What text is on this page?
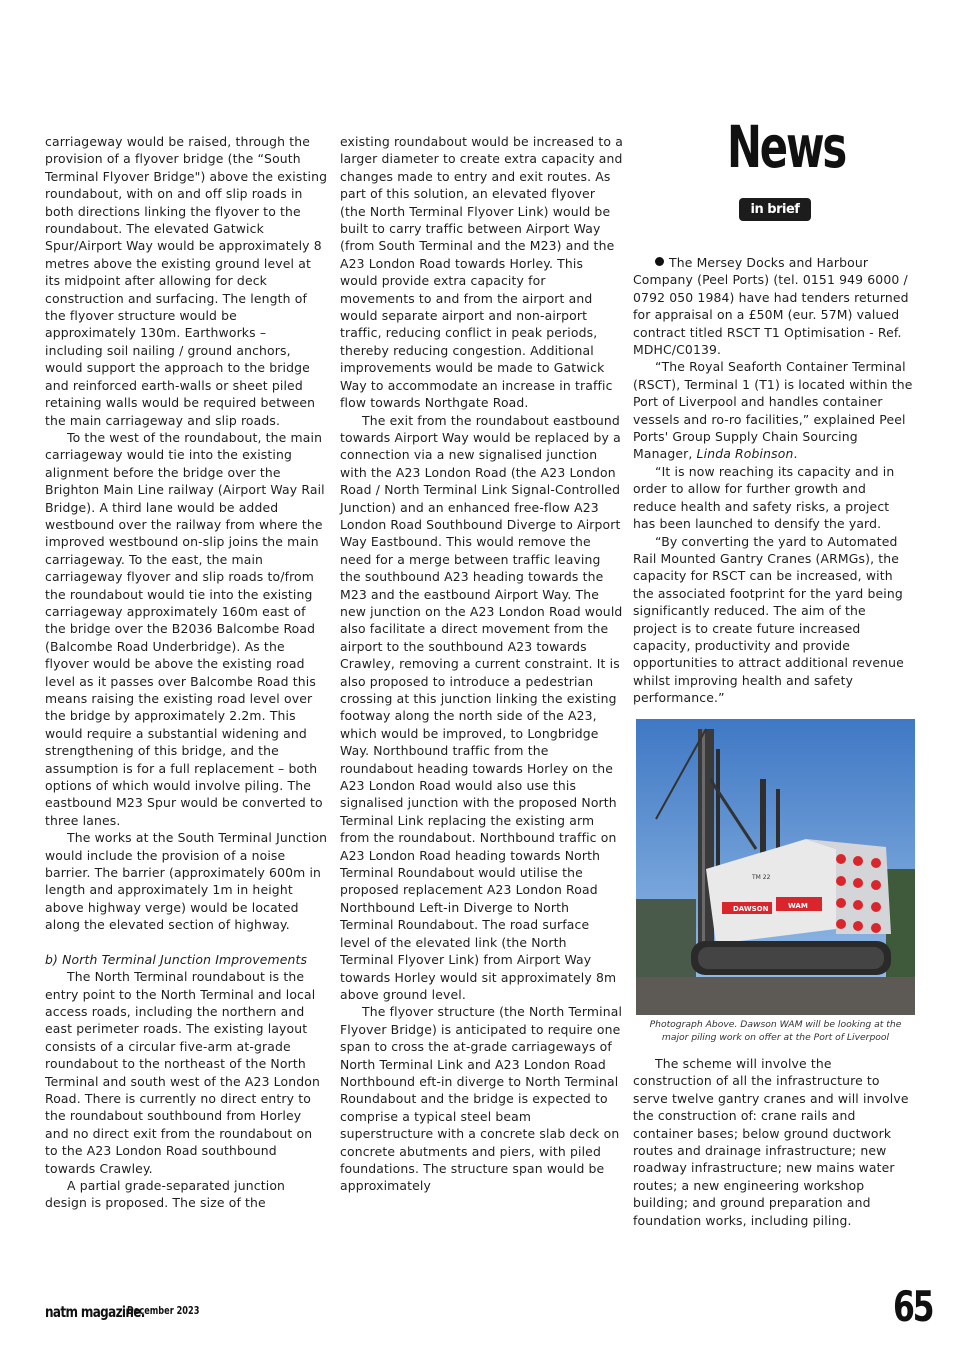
carriageway would be raised, through the provision of a flyover bridge (the “South Terminal Flyover Bridge") above the existing roundabout, with on and off slip roads in both directions linking the flyover to the roundabout. The elevated Gatwick Spur/Airport Way would be approximately 8 metres above the existing ground level at its midpoint after allowing for deck construction and surfacing. The length of the flyover structure would be approximately 130m. Earthworks – including soil nailing / ground anchors, would support the approach to the bridge and reinforced earth-walls or sheet piled retaining walls would be required between the main carriageway and slip roads.

To the west of the roundabout, the main carriageway would tie into the existing alignment before the bridge over the Brighton Main Line railway (Airport Way Rail Bridge). A third lane would be added westbound over the railway from where the improved westbound on-slip joins the main carriageway. To the east, the main carriageway flyover and slip roads to/from the roundabout would tie into the existing carriageway approximately 160m east of the bridge over the B2036 Balcombe Road (Balcombe Road Underbridge). As the flyover would be above the existing road level as it passes over Balcombe Road this means raising the existing road level over the bridge by approximately 2.2m. This would require a substantial widening and strengthening of this bridge, and the assumption is for a full replacement – both options of which would involve piling. The eastbound M23 Spur would be converted to three lanes.

The works at the South Terminal Junction would include the provision of a noise barrier. The barrier (approximately 600m in length and approximately 1m in height above highway verge) would be located along the elevated section of highway.

b) North Terminal Junction Improvements

The North Terminal roundabout is the entry point to the North Terminal and local access roads, including the northern and east perimeter roads. The existing layout consists of a circular five-arm at-grade roundabout to the northeast of the North Terminal and south west of the A23 London Road. There is currently no direct entry to the roundabout southbound from Horley and no direct exit from the roundabout on to the A23 London Road southbound towards Crawley.

A partial grade-separated junction design is proposed. The size of the

existing roundabout would be increased to a larger diameter to create extra capacity and changes made to entry and exit routes. As part of this solution, an elevated flyover (the North Terminal Flyover Link) would be built to carry traffic between Airport Way (from South Terminal and the M23) and the A23 London Road towards Horley. This would provide extra capacity for movements to and from the airport and would separate airport and non-airport traffic, reducing conflict in peak periods, thereby reducing congestion. Additional improvements would be made to Gatwick Way to accommodate an increase in traffic flow towards Northgate Road.

The exit from the roundabout eastbound towards Airport Way would be replaced by a connection via a new signalised junction with the A23 London Road (the A23 London Road / North Terminal Link Signal-Controlled Junction) and an enhanced free-flow A23 London Road Southbound Diverge to Airport Way Eastbound. This would remove the need for a merge between traffic leaving the southbound A23 heading towards the M23 and the eastbound Airport Way. The new junction on the A23 London Road would also facilitate a direct movement from the airport to the southbound A23 towards Crawley, removing a current constraint. It is also proposed to introduce a pedestrian crossing at this junction linking the existing footway along the north side of the A23, which would be improved, to Longbridge Way. Northbound traffic from the roundabout heading towards Horley on the A23 London Road would also use this signalised junction with the proposed North Terminal Link replacing the existing arm from the roundabout. Northbound traffic on A23 London Road heading towards North Terminal Roundabout would utilise the proposed replacement A23 London Road Northbound Left-in Diverge to North Terminal Roundabout. The road surface level of the elevated link (the North Terminal Flyover Link) from Airport Way towards Horley would sit approximately 8m above ground level.

The flyover structure (the North Terminal Flyover Bridge) is anticipated to require one span to cross the at-grade carriageways of North Terminal Link and A23 London Road Northbound eft-in diverge to North Terminal Roundabout and the bridge is expected to comprise a typical steel beam superstructure with a concrete slab deck on concrete abutments and piers, with piled foundations. The structure span would be approximately

News
in brief

The Mersey Docks and Harbour Company (Peel Ports) (tel. 0151 949 6000 / 0792 050 1984) have had tenders returned for appraisal on a £50M (eur. 57M) valued contract titled RSCT T1 Optimisation - Ref. MDHC/C0139.

“The Royal Seaforth Container Terminal (RSCT), Terminal 1 (T1) is located within the Port of Liverpool and handles container vessels and ro-ro facilities,” explained Peel Ports' Group Supply Chain Sourcing Manager, Linda Robinson.

“It is now reaching its capacity and in order to allow for further growth and reduce health and safety risks, a project has been launched to densify the yard.

“By converting the yard to Automated Rail Mounted Gantry Cranes (ARMGs), the capacity for RSCT can be increased, with the associated footprint for the yard being significantly reduced. The aim of the project is to create future increased capacity, productivity and provide opportunities to attract additional revenue whilst improving health and safety performance.”

DAWSON	WAM
TM 22
Photograph Above. Dawson WAM will be looking at the major piling work on offer at the Port of Liverpool

The scheme will involve the construction of all the infrastructure to serve twelve gantry cranes and will involve the construction of: crane rails and container bases; below ground ductwork routes and drainage infrastructure; new roadway infrastructure; new mains water routes; a new engineering workshop building; and ground preparation and foundation works, including piling.

natm magazine.
December 2023	65
